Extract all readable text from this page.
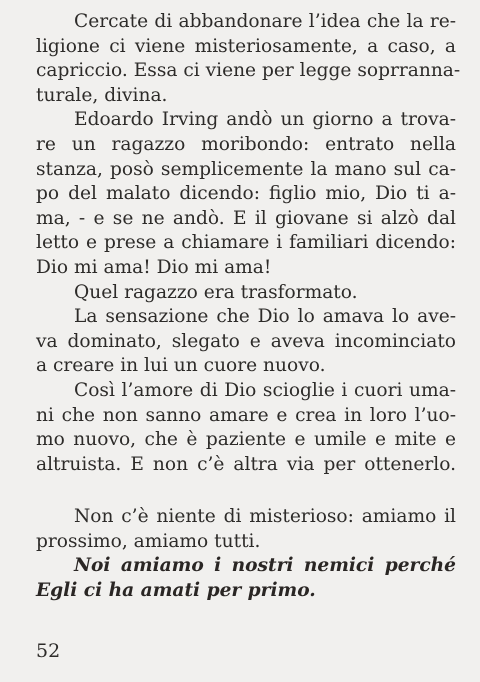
Cercate di abbandonare l’idea che la re-
ligione ci viene misteriosamente, a caso, a
capriccio. Essa ci viene per legge soprranna-
turale, divina.
Edoardo Irving andò un giorno a trova-
re un ragazzo moribondo: entrato nella
stanza, posò semplicemente la mano sul ca-
po del malato dicendo: figlio mio, Dio ti a-
ma, - e se ne andò. E il giovane si alzò dal
letto e prese a chiamare i familiari dicendo:
Dio mi ama! Dio mi ama!
Quel ragazzo era trasformato.
La sensazione che Dio lo amava lo ave-
va dominato, slegato e aveva incominciato
a creare in lui un cuore nuovo.
Così l’amore di Dio scioglie i cuori uma-
ni che non sanno amare e crea in loro l’uo-
mo nuovo, che è paziente e umile e mite e
altruista. E non c’è altra via per ottenerlo.
Non c’è niente di misterioso: amiamo il
prossimo, amiamo tutti.
Noi amiamo i nostri nemici perché
Egli ci ha amati per primo.
52
